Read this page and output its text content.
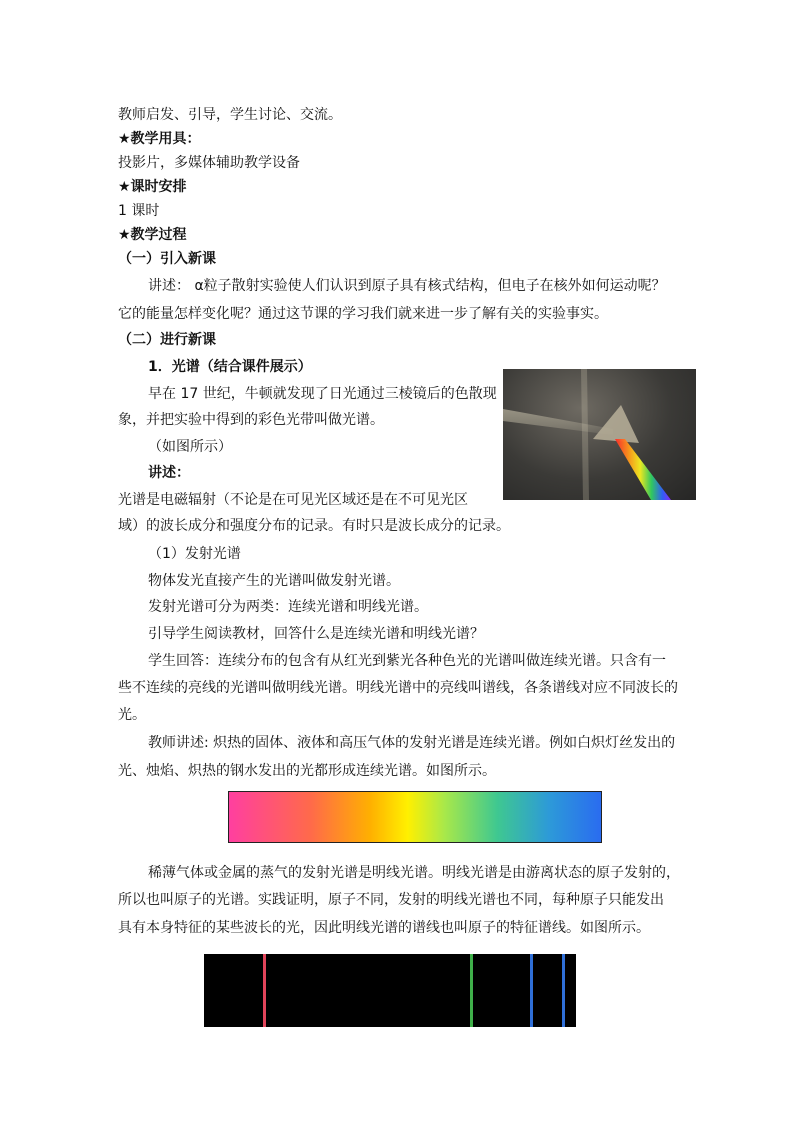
教师启发、引导，学生讨论、交流。
★教学用具：
投影片，多媒体辅助教学设备
★课时安排
1 课时
★教学过程
（一）引入新课
讲述： α粒子散射实验使人们认识到原子具有核式结构，但电子在核外如何运动呢？
它的能量怎样变化呢？通过这节课的学习我们就来进一步了解有关的实验事实。
（二）进行新课
1．光谱（结合课件展示）
早在 17 世纪，牛顿就发现了日光通过三棱镜后的色散现
象，并把实验中得到的彩色光带叫做光谱。
（如图所示）
讲述：
光谱是电磁辐射（不论是在可见光区域还是在不可见光区
域）的波长成分和强度分布的记录。有时只是波长成分的记录。
（1）发射光谱
物体发光直接产生的光谱叫做发射光谱。
发射光谱可分为两类：连续光谱和明线光谱。
引导学生阅读教材，回答什么是连续光谱和明线光谱？
学生回答：连续分布的包含有从红光到紫光各种色光的光谱叫做连续光谱。只含有一
些不连续的亮线的光谱叫做明线光谱。明线光谱中的亮线叫谱线，各条谱线对应不同波长的
光。
教师讲述: 炽热的固体、液体和高压气体的发射光谱是连续光谱。例如白炽灯丝发出的
光、烛焰、炽热的钢水发出的光都形成连续光谱。如图所示。
稀薄气体或金属的蒸气的发射光谱是明线光谱。明线光谱是由游离状态的原子发射的，
所以也叫原子的光谱。实践证明，原子不同，发射的明线光谱也不同，每种原子只能发出
具有本身特征的某些波长的光，因此明线光谱的谱线也叫原子的特征谱线。如图所示。
